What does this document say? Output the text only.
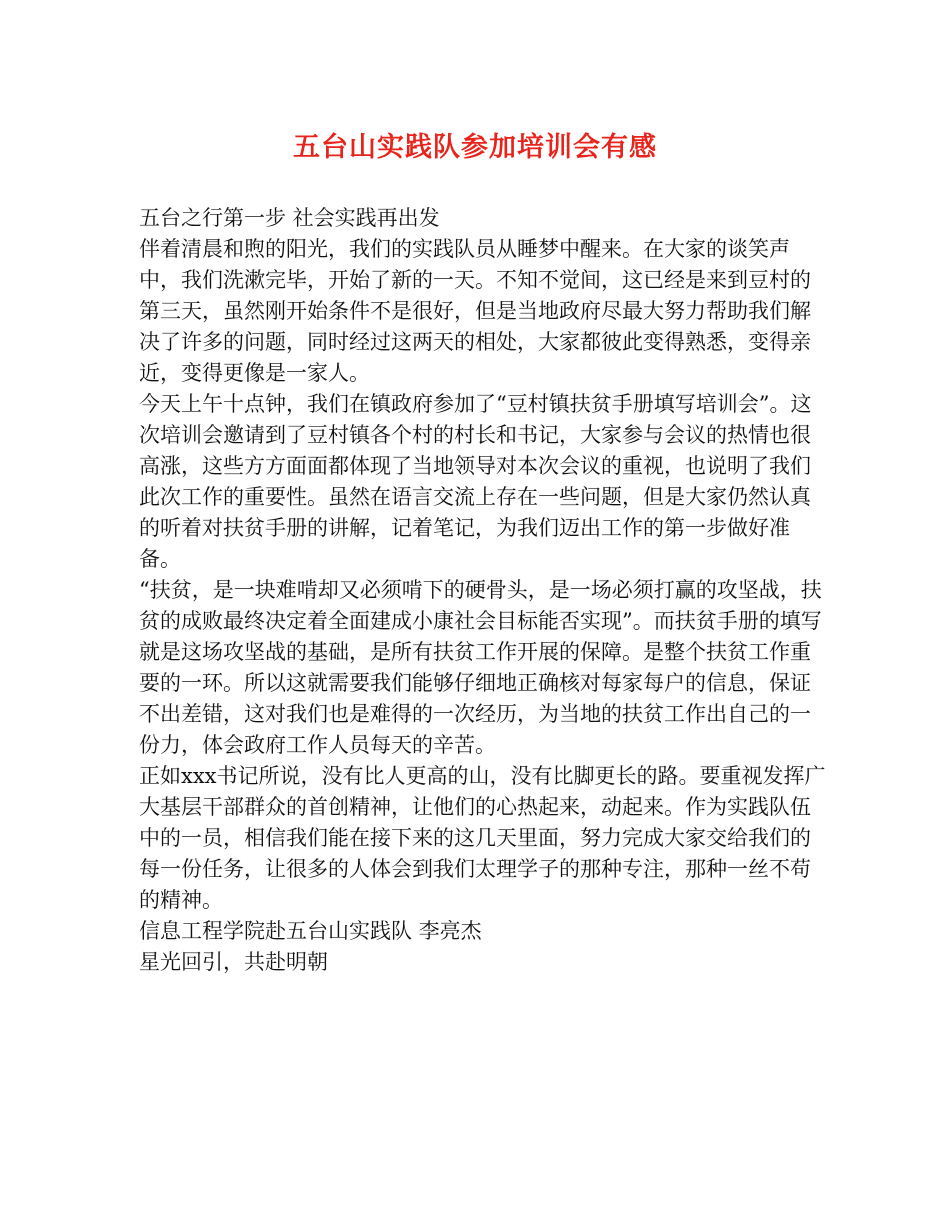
五台山实践队参加培训会有感

五台之行第一步 社会实践再出发

伴着清晨和煦的阳光，我们的实践队员从睡梦中醒来。在大家的谈笑声中，我们洗漱完毕，开始了新的一天。不知不觉间，这已经是来到豆村的第三天，虽然刚开始条件不是很好，但是当地政府尽最大努力帮助我们解决了许多的问题，同时经过这两天的相处，大家都彼此变得熟悉，变得亲近，变得更像是一家人。

今天上午十点钟，我们在镇政府参加了“豆村镇扶贫手册填写培训会”。这次培训会邀请到了豆村镇各个村的村长和书记，大家参与会议的热情也很高涨，这些方方面面都体现了当地领导对本次会议的重视，也说明了我们此次工作的重要性。虽然在语言交流上存在一些问题，但是大家仍然认真的听着对扶贫手册的讲解，记着笔记，为我们迈出工作的第一步做好准备。

“扶贫，是一块难啃却又必须啃下的硬骨头，是一场必须打赢的攻坚战，扶贫的成败最终决定着全面建成小康社会目标能否实现”。而扶贫手册的填写就是这场攻坚战的基础，是所有扶贫工作开展的保障。是整个扶贫工作重要的一环。所以这就需要我们能够仔细地正确核对每家每户的信息，保证不出差错，这对我们也是难得的一次经历，为当地的扶贫工作出自己的一份力，体会政府工作人员每天的辛苦。

正如xxx书记所说，没有比人更高的山，没有比脚更长的路。要重视发挥广大基层干部群众的首创精神，让他们的心热起来，动起来。作为实践队伍中的一员，相信我们能在接下来的这几天里面，努力完成大家交给我们的每一份任务，让很多的人体会到我们太理学子的那种专注，那种一丝不苟的精神。

信息工程学院赴五台山实践队 李亮杰

星光回引，共赴明朝
